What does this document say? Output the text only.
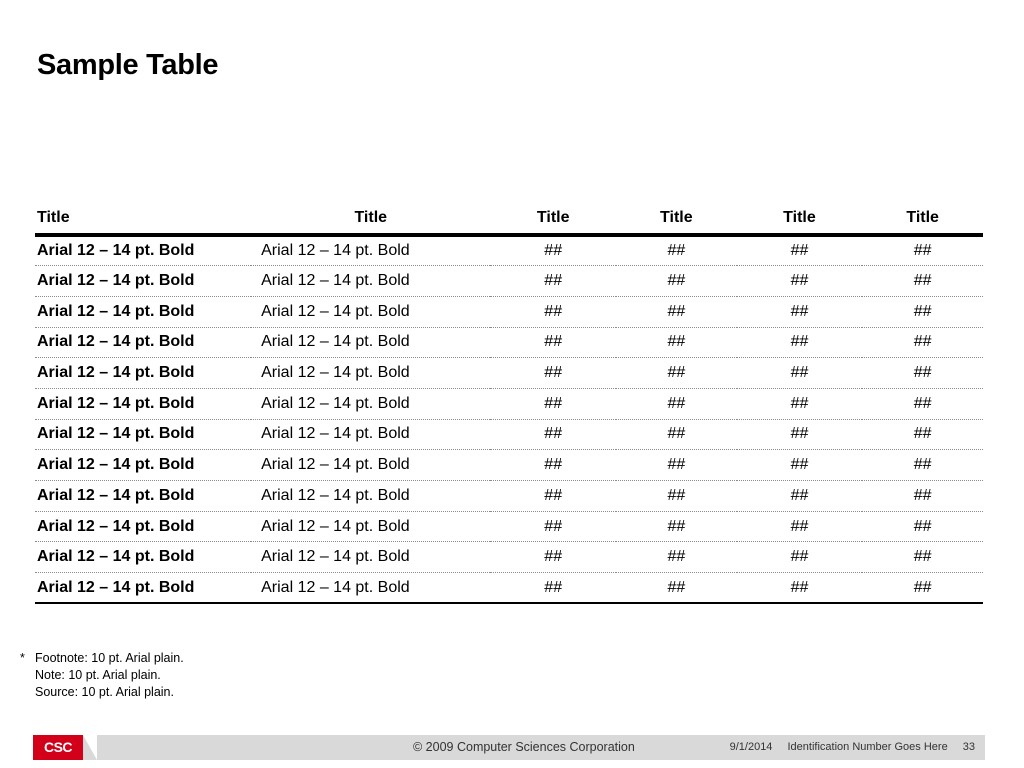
Sample Table
Title	Title	Title	Title	Title	Title
Arial 12 – 14 pt. Bold	Arial 12 – 14 pt. Bold	##	##	##	##
Arial 12 – 14 pt. Bold	Arial 12 – 14 pt. Bold	##	##	##	##
Arial 12 – 14 pt. Bold	Arial 12 – 14 pt. Bold	##	##	##	##
Arial 12 – 14 pt. Bold	Arial 12 – 14 pt. Bold	##	##	##	##
Arial 12 – 14 pt. Bold	Arial 12 – 14 pt. Bold	##	##	##	##
Arial 12 – 14 pt. Bold	Arial 12 – 14 pt. Bold	##	##	##	##
Arial 12 – 14 pt. Bold	Arial 12 – 14 pt. Bold	##	##	##	##
Arial 12 – 14 pt. Bold	Arial 12 – 14 pt. Bold	##	##	##	##
Arial 12 – 14 pt. Bold	Arial 12 – 14 pt. Bold	##	##	##	##
Arial 12 – 14 pt. Bold	Arial 12 – 14 pt. Bold	##	##	##	##
Arial 12 – 14 pt. Bold	Arial 12 – 14 pt. Bold	##	##	##	##
Arial 12 – 14 pt. Bold	Arial 12 – 14 pt. Bold	##	##	##	##
* Footnote: 10 pt. Arial plain.
Note: 10 pt. Arial plain.
Source: 10 pt. Arial plain.
CSC	© 2009 Computer Sciences Corporation	9/1/2014 Identification Number Goes Here 33
